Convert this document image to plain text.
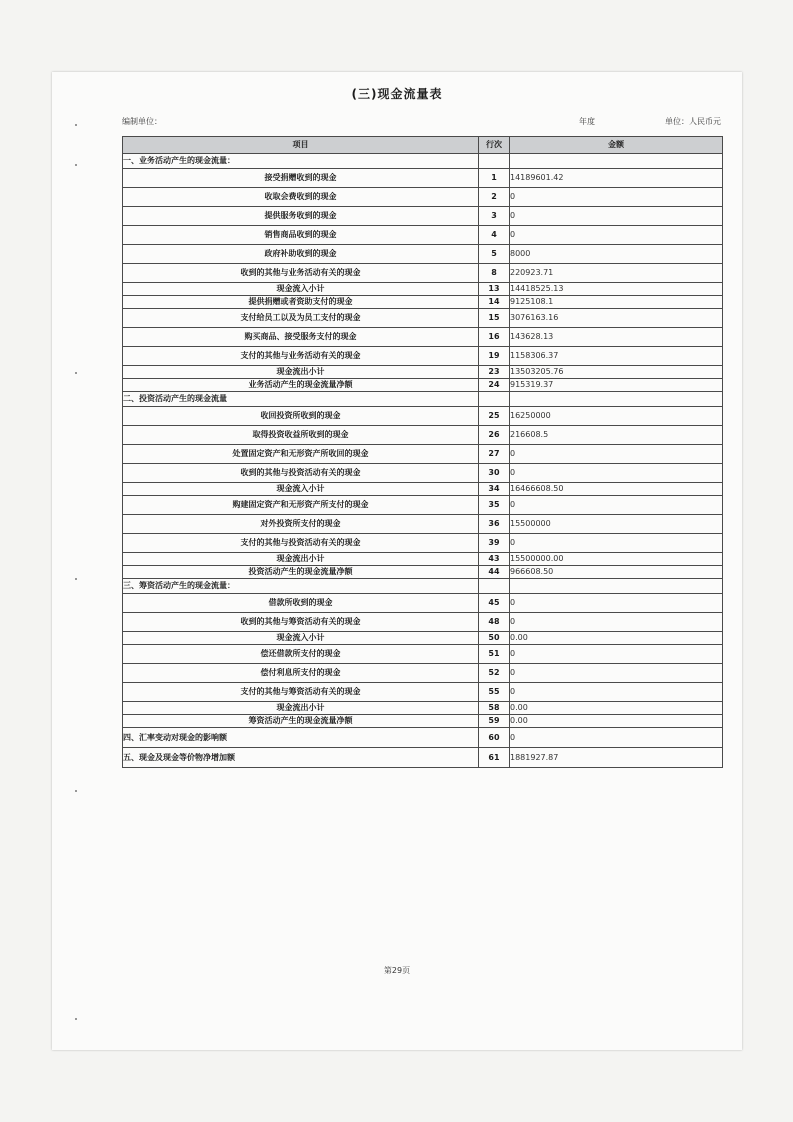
(三)现金流量表
编制单位：	年度	单位：人民币元
项目	行次	金额
一、业务活动产生的现金流量：		
接受捐赠收到的现金	1	14189601.42
收取会费收到的现金	2	0
提供服务收到的现金	3	0
销售商品收到的现金	4	0
政府补助收到的现金	5	8000
收到的其他与业务活动有关的现金	8	220923.71
现金流入小计	13	14418525.13
提供捐赠或者资助支付的现金	14	9125108.1
支付给员工以及为员工支付的现金	15	3076163.16
购买商品、接受服务支付的现金	16	143628.13
支付的其他与业务活动有关的现金	19	1158306.37
现金流出小计	23	13503205.76
业务活动产生的现金流量净额	24	915319.37
二、投资活动产生的现金流量		
收回投资所收到的现金	25	16250000
取得投资收益所收到的现金	26	216608.5
处置固定资产和无形资产所收回的现金	27	0
收到的其他与投资活动有关的现金	30	0
现金流入小计	34	16466608.50
购建固定资产和无形资产所支付的现金	35	0
对外投资所支付的现金	36	15500000
支付的其他与投资活动有关的现金	39	0
现金流出小计	43	15500000.00
投资活动产生的现金流量净额	44	966608.50
三、筹资活动产生的现金流量：		
借款所收到的现金	45	0
收到的其他与筹资活动有关的现金	48	0
现金流入小计	50	0.00
偿还借款所支付的现金	51	0
偿付利息所支付的现金	52	0
支付的其他与筹资活动有关的现金	55	0
现金流出小计	58	0.00
筹资活动产生的现金流量净额	59	0.00
四、汇率变动对现金的影响额	60	0
五、现金及现金等价物净增加额	61	1881927.87
第29页
